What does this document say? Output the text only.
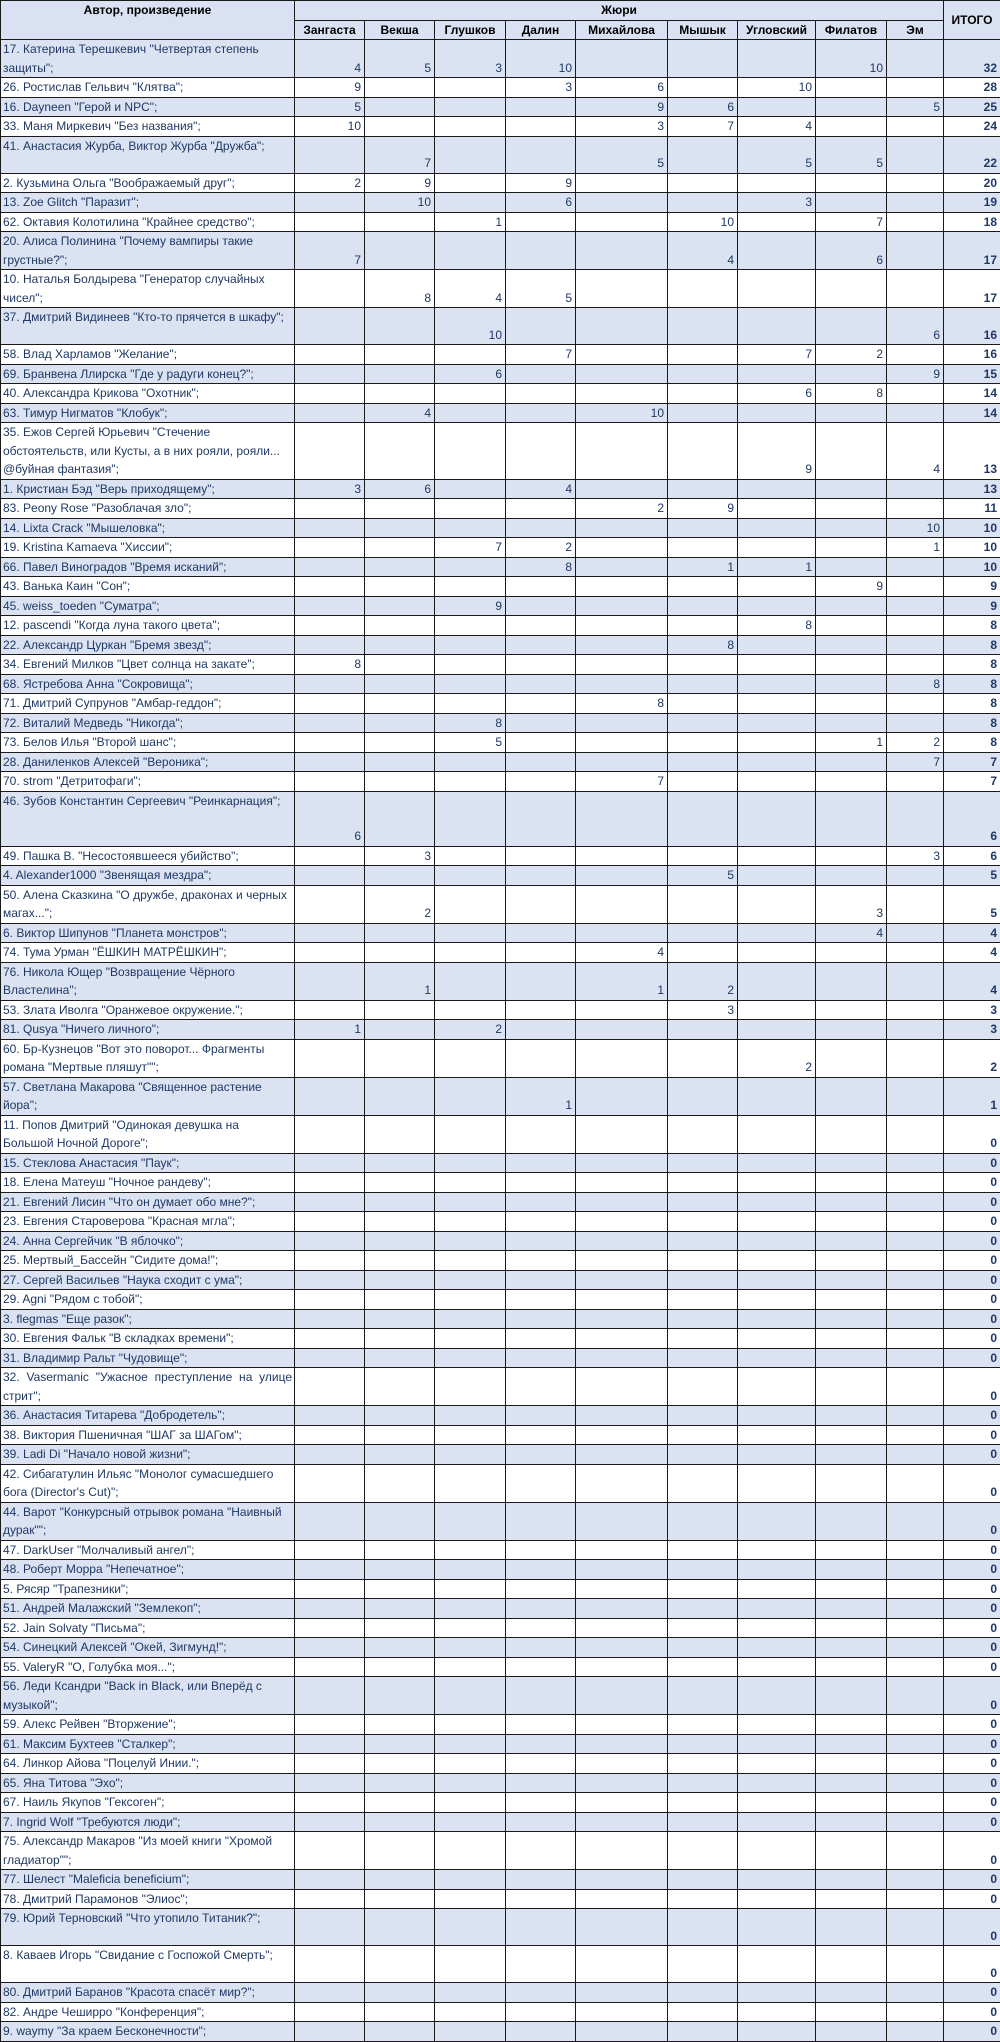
Автор, произведение	Жюри									ИТОГО
	Зангаста	Векша	Глушков	Далин	Михайлова	Мышык	Угловский	Филатов	Эм	
17. Катерина Терешкевич "Четвертая степень защиты";	4	5	3	10				10		32
26. Ростислав Гельвич "Клятва";	9			3	6		10			28
16. Dayneen "Герой и NPC";	5				9	6			5	25
33. Маня Миркевич "Без названия";	10				3	7	4			24
41. Анастасия Журба, Виктор Журба "Дружба";		7			5		5	5		22
2. Кузьмина Ольга "Воображаемый друг";	2	9		9						20
13. Zoe Glitch "Паразит";		10		6			3			19
62. Октавия Колотилина "Крайнее средство";			1			10		7		18
20. Алиса Полинина "Почему вампиры такие грустные?";	7					4		6		17
10. Наталья Болдырева "Генератор случайных чисел";		8	4	5						17
37. Дмитрий Видинеев "Кто-то прячется в шкафу";			10						6	16
58. Влад Харламов "Желание";				7			7	2		16
69. Бранвена Ллирска "Где у радуги конец?";			6						9	15
40. Александра Крикова "Охотник";							6	8		14
63. Тимур Нигматов "Клобук";		4			10					14
35. Ежов Сергей Юрьевич "Стечение обстоятельств, или Кусты, а в них рояли, рояли... @буйная фантазия";							9		4	13
1. Кристиан Бэд "Верь приходящему";	3	6		4						13
83. Peony Rose "Разоблачая зло";					2	9				11
14. Lixta Crack "Мышеловка";									10	10
19. Kristina Kamaeva "Хиссии";			7	2					1	10
66. Павел Виноградов "Время исканий";				8		1	1			10
43. Ванька Каин "Сон";								9		9
45. weiss_toeden "Суматра";			9							9
12. pascendi "Когда луна такого цвета";							8			8
22. Александр Цуркан "Бремя звезд";						8				8
34. Евгений Милков "Цвет солнца на закате";	8									8
68. Ястребова Анна "Сокровища";									8	8
71. Дмитрий Супрунов "Амбар-геддон";					8					8
72. Виталий Медведь "Никогда";			8							8
73. Белов Илья "Второй шанс";			5					1	2	8
28. Даниленков Алексей "Вероника";									7	7
70. strom "Детритофаги";					7					7
46. Зубов Константин Сергеевич "Реинкарнация";	6									6
49. Пашка В. "Несостоявшееся убийство";		3							3	6
4. Alexander1000 "Звенящая мездра";						5				5
50. Алена Сказкина "О дружбе, драконах и черных магах...";		2						3		5
6. Виктор Шипунов "Планета монстров";								4		4
74. Тума Урман "ЁШКИН МАТРЁШКИН";					4					4
76. Никола Ющер "Возвращение Чёрного Властелина";		1			1	2				4
53. Злата Иволга "Оранжевое окружение.";						3				3
81. Qusya "Ничего личного";	1		2							3
60. Бр-Кузнецов "Вот это поворот... Фрагменты романа "Мертвые пляшут"";							2			2
57. Светлана Макарова "Священное растение йора";				1						1
11. Попов Дмитрий "Одинокая девушка на Большой Ночной Дороге";										0
15. Стеклова Анастасия "Паук";										0
18. Елена Матеуш "Ночное рандеву";										0
21. Евгений Лисин "Что он думает обо мне?";										0
23. Евгения Староверова "Красная мгла";										0
24. Анна Сергейчик "В яблочко";										0
25. Мертвый_Бассейн "Сидите дома!";										0
27. Сергей Васильев "Наука сходит с ума";										0
29. Agni "Рядом с тобой";										0
3. flegmas "Еще разок";										0
30. Евгения Фальк "В складках времени";										0
31. Владимир Ральт "Чудовище";										0
32. Vasermanic "Ужасное преступление на улице стрит";										0
36. Анастасия Титарева "Добродетель";										0
38. Виктория Пшеничная "ШАГ за ШАГом";										0
39. Ladi Di "Начало новой жизни";										0
42. Сибагатулин Ильяс "Монолог сумасшедшего бога (Director's Cut)";										0
44. Варот "Конкурсный отрывок романа "Наивный дурак"";										0
47. DarkUser "Молчаливый ангел";										0
48. Роберт Морра "Непечатное";										0
5. Рясяр "Трапезники";										0
51. Андрей Малажский "Землекоп";										0
52. Jain Solvaty "Письма";										0
54. Синецкий Алексей "Окей, Зигмунд!";										0
55. ValeryR "О, Голубка моя...";										0
56. Леди Ксандри "Back in Black, или Вперёд с музыкой";										0
59. Алекс Рейвен "Вторжение";										0
61. Максим Бухтеев "Сталкер";										0
64. Линкор Айова "Поцелуй Инии.";										0
65. Яна Титова "Эхо";										0
67. Наиль Якупов "Гексоген";										0
7. Ingrid Wolf "Требуются люди";										0
75. Александр Макаров "Из моей книги "Хромой гладиатор"";										0
77. Шелест "Maleficia beneficium";										0
78. Дмитрий Парамонов "Элиос";										0
79. Юрий Терновский "Что утопило Титаник?";										0
8. Каваев Игорь "Свидание с Госпожой Смерть";										0
80. Дмитрий Баранов "Красота спасёт мир?";										0
82. Андре Чеширро "Конференция";										0
9. waymy "За краем Бесконечности";										0
